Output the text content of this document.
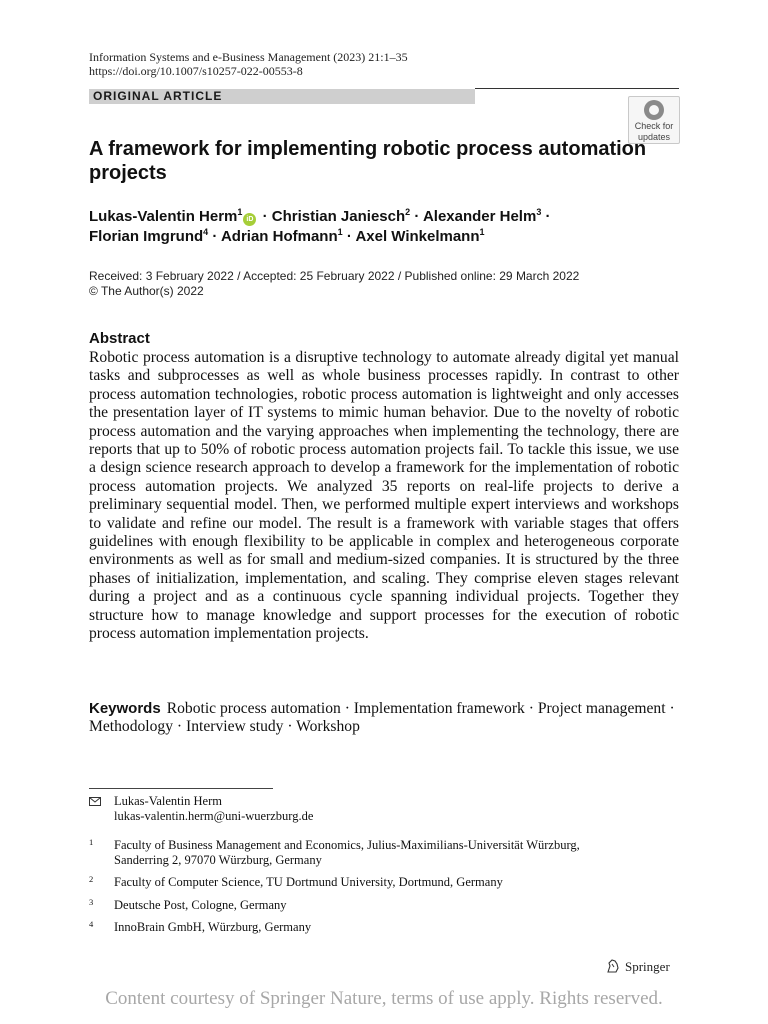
Information Systems and e-Business Management (2023) 21:1–35
https://doi.org/10.1007/s10257-022-00553-8
ORIGINAL ARTICLE
Check for
updates
A framework for implementing robotic process automation
projects
Lukas-Valentin Herm$^1$iD · Christian Janiesch$^2$ · Alexander Helm$^3$ ·
Florian Imgrund$^4$ · Adrian Hofmann$^1$ · Axel Winkelmann$^1$
Received: 3 February 2022 / Accepted: 25 February 2022 / Published online: 29 March 2022
© The Author(s) 2022
Abstract
Robotic process automation is a disruptive technology to automate already digital yet manual tasks and subprocesses as well as whole business processes rapidly. In contrast to other process automation technologies, robotic process automation is lightweight and only accesses the presentation layer of IT systems to mimic human behavior. Due to the novelty of robotic process automation and the varying approaches when implementing the technology, there are reports that up to 50% of robotic process automation projects fail. To tackle this issue, we use a design science research approach to develop a framework for the implementation of robotic process automation projects. We analyzed 35 reports on real-life projects to derive a preliminary sequential model. Then, we performed multiple expert interviews and workshops to validate and refine our model. The result is a framework with variable stages that offers guidelines with enough flexibility to be applicable in complex and heterogeneous corporate environments as well as for small and medium-sized companies. It is structured by the three phases of initialization, implementation, and scaling. They comprise eleven stages relevant during a project and as a continuous cycle spanning individual projects. Together they structure how to manage knowledge and support processes for the execution of robotic process automation implementation projects.
Keywords Robotic process automation · Implementation framework · Project management · Methodology · Interview study · Workshop
Lukas-Valentin Herm
lukas-valentin.herm@uni-wuerzburg.de
1 Faculty of Business Management and Economics, Julius-Maximilians-Universität Würzburg,
Sanderring 2, 97070 Würzburg, Germany
2 Faculty of Computer Science, TU Dortmund University, Dortmund, Germany
3 Deutsche Post, Cologne, Germany
4 InnoBrain GmbH, Würzburg, Germany
Springer
Content courtesy of Springer Nature, terms of use apply. Rights reserved.
